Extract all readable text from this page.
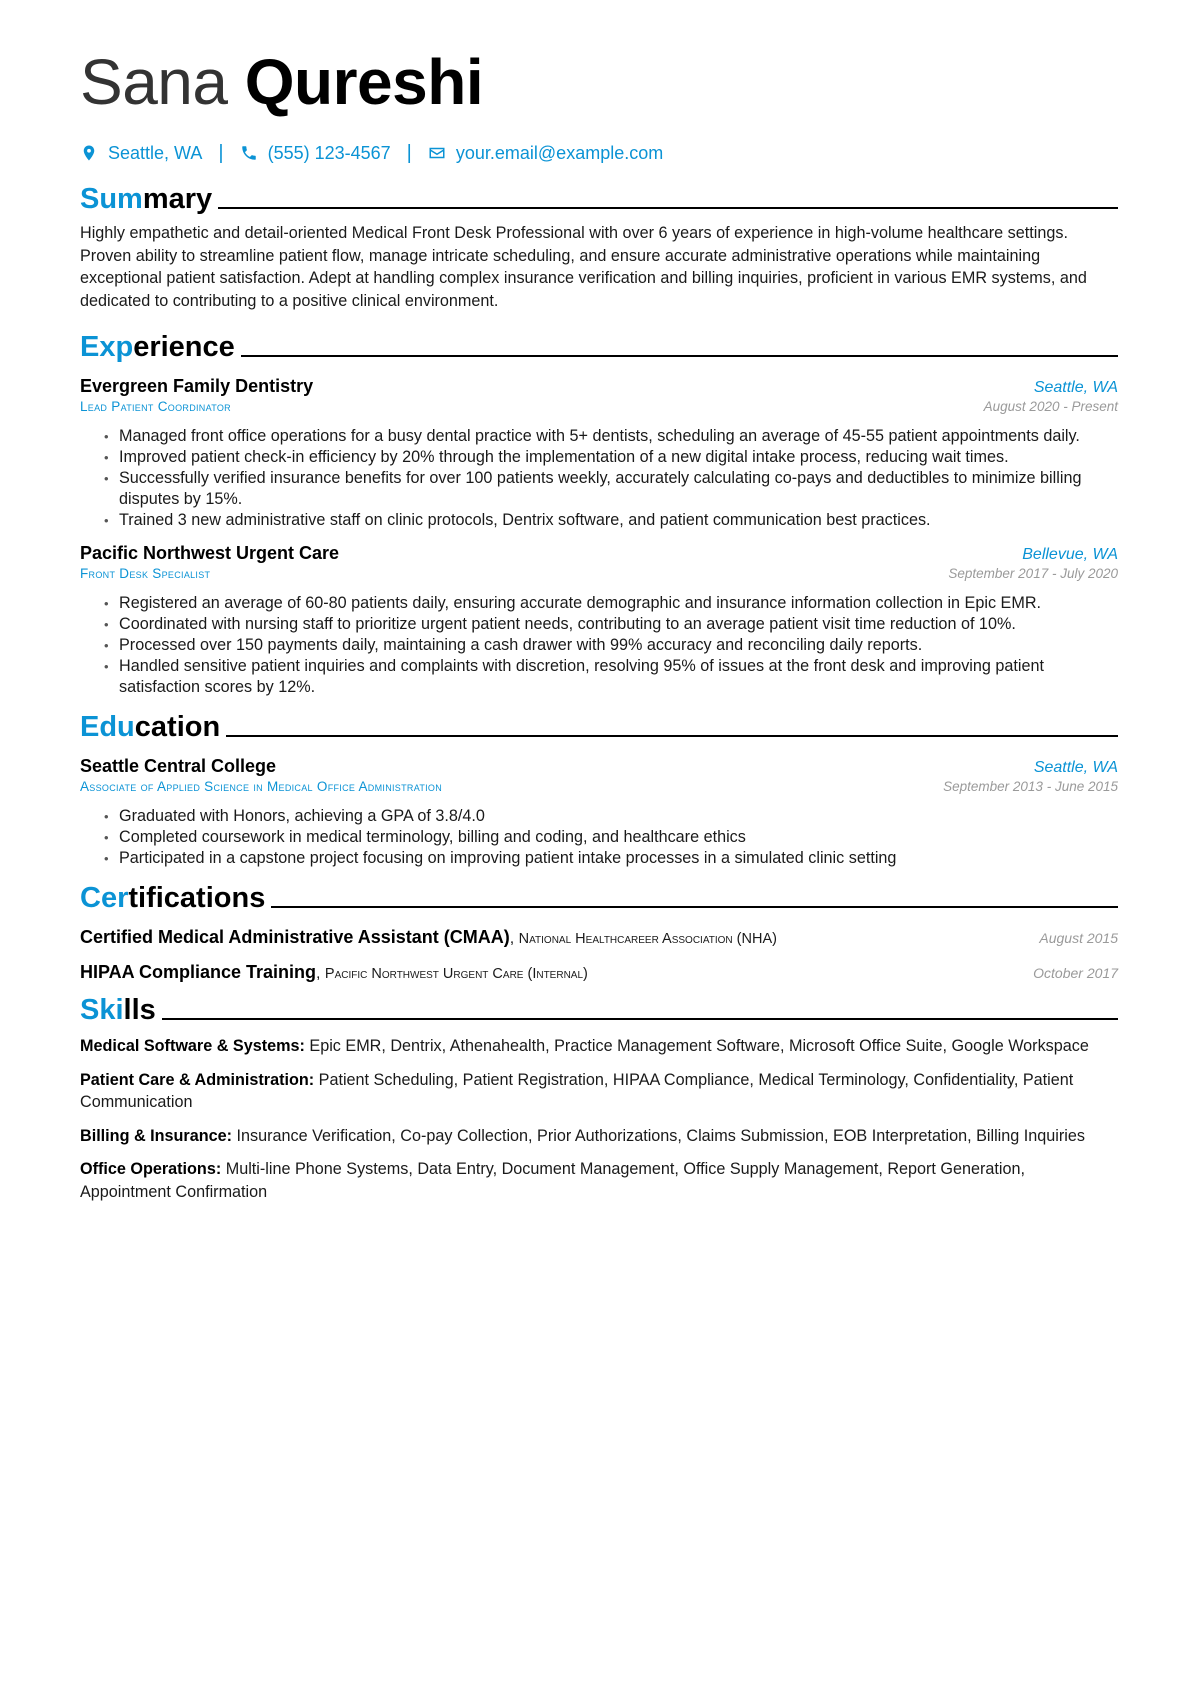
Sana Qureshi
Seattle, WA | (555) 123-4567 | your.email@example.com
Summary

Highly empathetic and detail-oriented Medical Front Desk Professional with over 6 years of experience in high-volume healthcare settings. Proven ability to streamline patient flow, manage intricate scheduling, and ensure accurate administrative operations while maintaining exceptional patient satisfaction. Adept at handling complex insurance verification and billing inquiries, proficient in various EMR systems, and dedicated to contributing to a positive clinical environment.

Experience
Evergreen Family Dentistry	Seattle, WA
Lead Patient Coordinator	August 2020 - Present
• Managed front office operations for a busy dental practice with 5+ dentists, scheduling an average of 45-55 patient appointments daily.
• Improved patient check-in efficiency by 20% through the implementation of a new digital intake process, reducing wait times.
• Successfully verified insurance benefits for over 100 patients weekly, accurately calculating co-pays and deductibles to minimize billing disputes by 15%.
• Trained 3 new administrative staff on clinic protocols, Dentrix software, and patient communication best practices.
Pacific Northwest Urgent Care	Bellevue, WA
Front Desk Specialist	September 2017 - July 2020
• Registered an average of 60-80 patients daily, ensuring accurate demographic and insurance information collection in Epic EMR.
• Coordinated with nursing staff to prioritize urgent patient needs, contributing to an average patient visit time reduction of 10%.
• Processed over 150 payments daily, maintaining a cash drawer with 99% accuracy and reconciling daily reports.
• Handled sensitive patient inquiries and complaints with discretion, resolving 95% of issues at the front desk and improving patient satisfaction scores by 12%.
Education
Seattle Central College	Seattle, WA
Associate of Applied Science in Medical Office Administration	September 2013 - June 2015
• Graduated with Honors, achieving a GPA of 3.8/4.0
• Completed coursework in medical terminology, billing and coding, and healthcare ethics
• Participated in a capstone project focusing on improving patient intake processes in a simulated clinic setting
Certifications
Certified Medical Administrative Assistant (CMAA), National Healthcareer Association (NHA)	August 2015
HIPAA Compliance Training, Pacific Northwest Urgent Care (Internal)	October 2017
Skills
Medical Software & Systems: Epic EMR, Dentrix, Athenahealth, Practice Management Software, Microsoft Office Suite, Google Workspace
Patient Care & Administration: Patient Scheduling, Patient Registration, HIPAA Compliance, Medical Terminology, Confidentiality, Patient Communication
Billing & Insurance: Insurance Verification, Co-pay Collection, Prior Authorizations, Claims Submission, EOB Interpretation, Billing Inquiries
Office Operations: Multi-line Phone Systems, Data Entry, Document Management, Office Supply Management, Report Generation, Appointment Confirmation
